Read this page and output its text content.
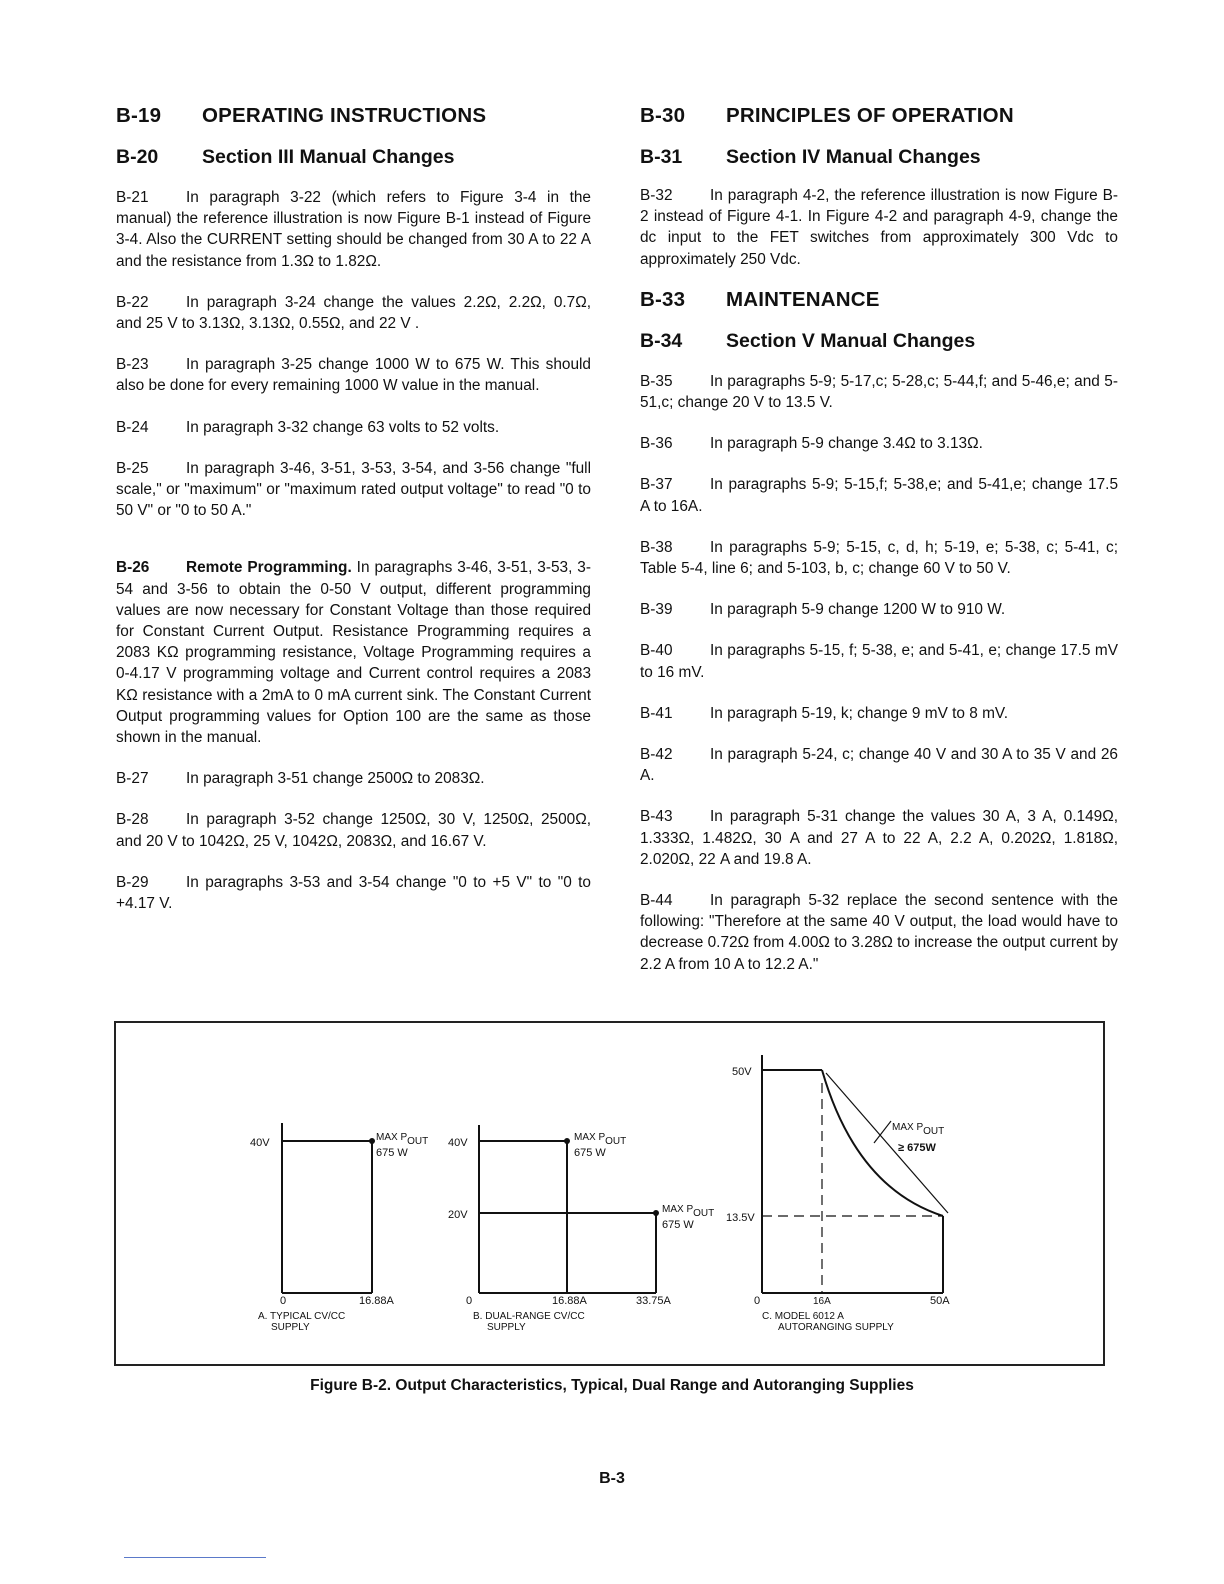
B-19	OPERATING INSTRUCTIONS
B-20	Section III Manual Changes

B-21 In paragraph 3-22 (which refers to Figure 3-4 in the manual) the reference illustration is now Figure B-1 instead of Figure 3-4. Also the CURRENT setting should be changed from 30 A to 22 A and the resistance from 1.3Ω to 1.82Ω.

B-22 In paragraph 3-24 change the values 2.2Ω, 2.2Ω, 0.7Ω, and 25 V to 3.13Ω, 3.13Ω, 0.55Ω, and 22 V .

B-23 In paragraph 3-25 change 1000 W to 675 W. This should also be done for every remaining 1000 W value in the manual.

B-24 In paragraph 3-32 change 63 volts to 52 volts.

B-25 In paragraph 3-46, 3-51, 3-53, 3-54, and 3-56 change "full scale," or "maximum" or "maximum rated output voltage" to read "0 to 50 V" or "0 to 50 A."

B-26 Remote Programming. In paragraphs 3-46, 3-51, 3-53, 3-54 and 3-56 to obtain the 0-50 V output, different programming values are now necessary for Constant Voltage than those required for Constant Current Output. Resistance Programming requires a 2083 KΩ programming resistance, Voltage Programming requires a 0-4.17 V programming voltage and Current control requires a 2083 KΩ resistance with a 2mA to 0 mA current sink. The Constant Current Output programming values for Option 100 are the same as those shown in the manual.

B-27 In paragraph 3-51 change 2500Ω to 2083Ω.

B-28 In paragraph 3-52 change 1250Ω, 30 V, 1250Ω, 2500Ω, and 20 V to 1042Ω, 25 V, 1042Ω, 2083Ω, and 16.67 V.

B-29 In paragraphs 3-53 and 3-54 change "0 to +5 V" to "0 to +4.17 V.

B-30	PRINCIPLES OF OPERATION
B-31	Section IV Manual Changes

B-32 In paragraph 4-2, the reference illustration is now Figure B-2 instead of Figure 4-1. In Figure 4-2 and paragraph 4-9, change the dc input to the FET switches from approximately 300 Vdc to approximately 250 Vdc.

B-33	MAINTENANCE
B-34	Section V Manual Changes

B-35 In paragraphs 5-9; 5-17,c; 5-28,c; 5-44,f; and 5-46,e; and 5-51,c; change 20 V to 13.5 V.

B-36 In paragraph 5-9 change 3.4Ω to 3.13Ω.

B-37 In paragraphs 5-9; 5-15,f; 5-38,e; and 5-41,e; change 17.5 A to 16A.

B-38 In paragraphs 5-9; 5-15, c, d, h; 5-19, e; 5-38, c; 5-41, c; Table 5-4, line 6; and 5-103, b, c; change 60 V to 50 V.

B-39 In paragraph 5-9 change 1200 W to 910 W.

B-40 In paragraphs 5-15, f; 5-38, e; and 5-41, e; change 17.5 mV to 16 mV.

B-41 In paragraph 5-19, k; change 9 mV to 8 mV.

B-42 In paragraph 5-24, c; change 40 V and 30 A to 35 V and 26 A.

B-43 In paragraph 5-31 change the values 30 A, 3 A, 0.149Ω, 1.333Ω, 1.482Ω, 30 A and 27 A to 22 A, 2.2 A, 0.202Ω, 1.818Ω, 2.020Ω, 22 A and 19.8 A.

B-44 In paragraph 5-32 replace the second sentence with the following: "Therefore at the same 40 V output, the load would have to decrease 0.72Ω from 4.00Ω to 3.28Ω to increase the output current by 2.2 A from 10 A to 12.2 A."

40V	MAX POUT
675 W
0	16.88A
A. TYPICAL CV/CC
SUPPLY
40V
20V
MAX POUT
675 W
MAX POUT
675 W
0	16.88A	33.75A
B. DUAL-RANGE CV/CC
SUPPLY
50V
13.5V
MAX POUT
≥ 675W
0	16A	50A
C. MODEL 6012 A
AUTORANGING SUPPLY
Figure B-2. Output Characteristics, Typical, Dual Range and Autoranging Supplies
B-3
